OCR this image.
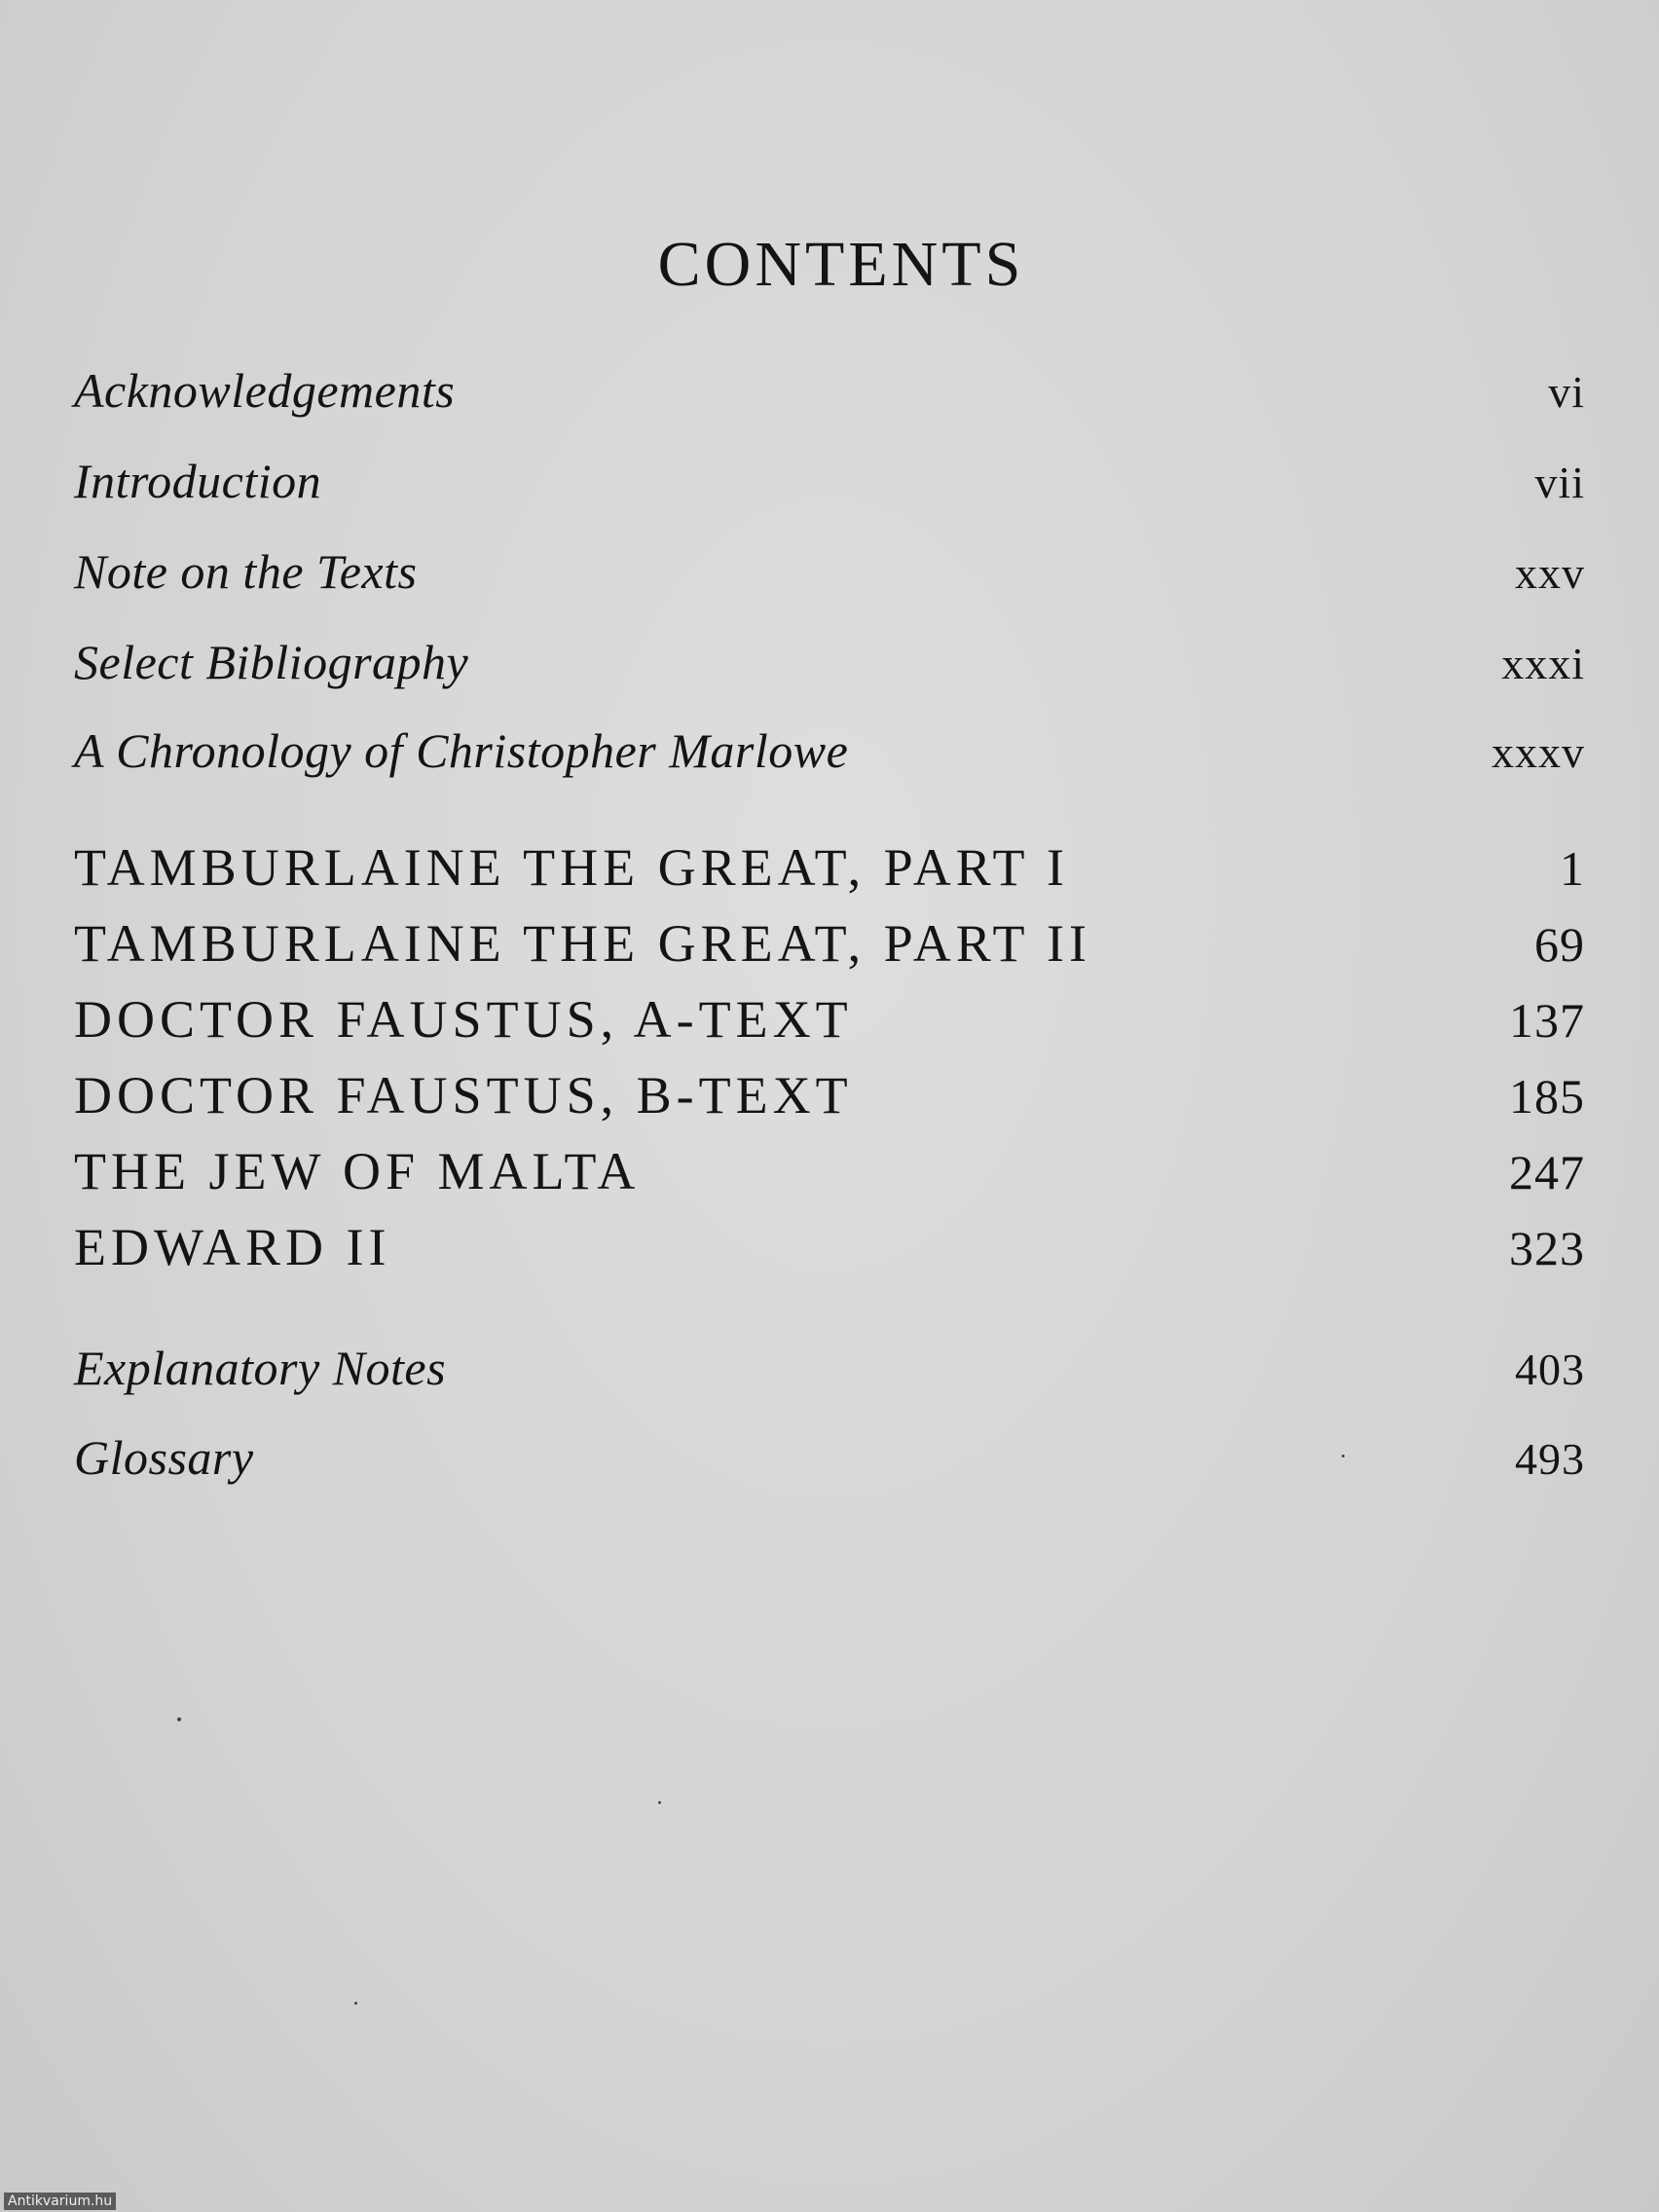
CONTENTS
Acknowledgements	vi
Introduction	vii
Note on the Texts	xxv
Select Bibliography	xxxi
A Chronology of Christopher Marlowe	xxxv
TAMBURLAINE THE GREAT, PART I	1
TAMBURLAINE THE GREAT, PART II	69
DOCTOR FAUSTUS, A-TEXT	137
DOCTOR FAUSTUS, B-TEXT	185
THE JEW OF MALTA	247
EDWARD II	323
Explanatory Notes	403
Glossary	493
Antikvarium.hu
